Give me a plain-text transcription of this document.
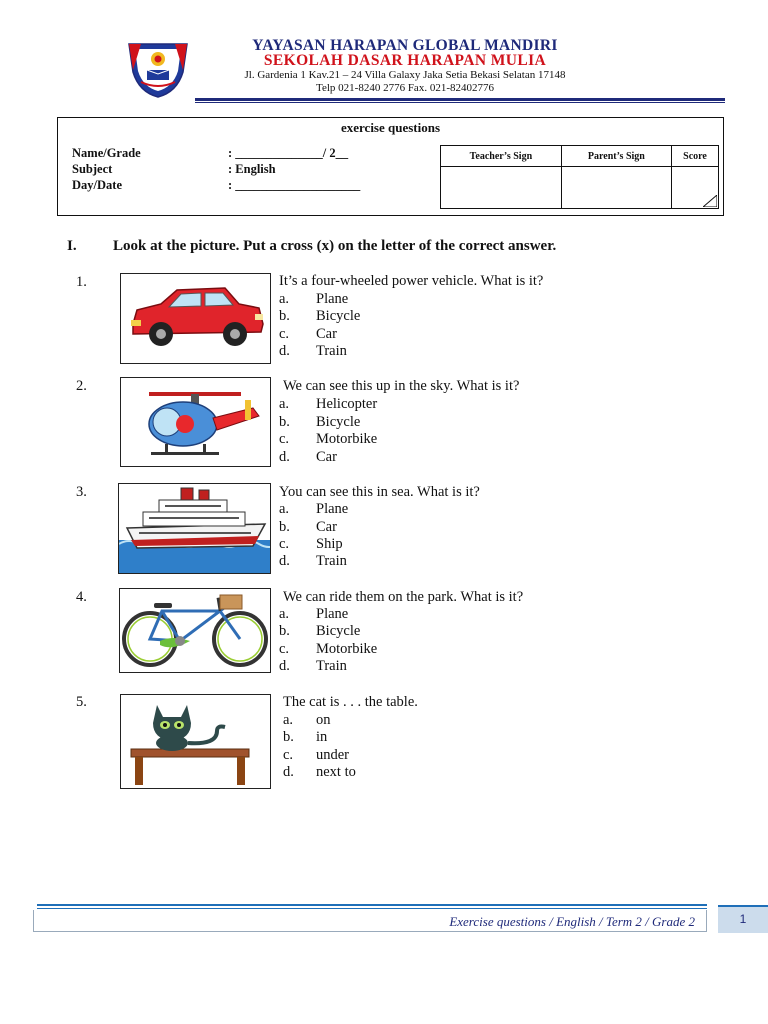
YAYASAN HARAPAN GLOBAL MANDIRI
SEKOLAH DASAR HARAPAN MULIA
Jl. Gardenia 1 Kav.21 – 24 Villa Galaxy Jaka Setia Bekasi Selatan 17148
Telp 021-8240 2776 Fax. 021-82402776
exercise questions
Name/Grade	: ______________/ 2__
Subject	: English
Day/Date	: ____________________
Teacher’s Sign	Parent’s Sign	Score

I. Look at the picture. Put a cross (x) on the letter of the correct answer.
1.	It’s a four-wheeled power vehicle. What is it?
a. Plane
b. Bicycle
c. Car
d. Train
2.	We can see this up in the sky. What is it?
a. Helicopter
b. Bicycle
c. Motorbike
d. Car
3.	You can see this in sea. What is it?
a. Plane
b. Car
c. Ship
d. Train
4.	We can ride them on the park. What is it?
a. Plane
b. Bicycle
c. Motorbike
d. Train
5.	The cat is . . . the table.
a. on
b. in
c. under
d. next to
Exercise questions / English / Term 2 / Grade 2	1
